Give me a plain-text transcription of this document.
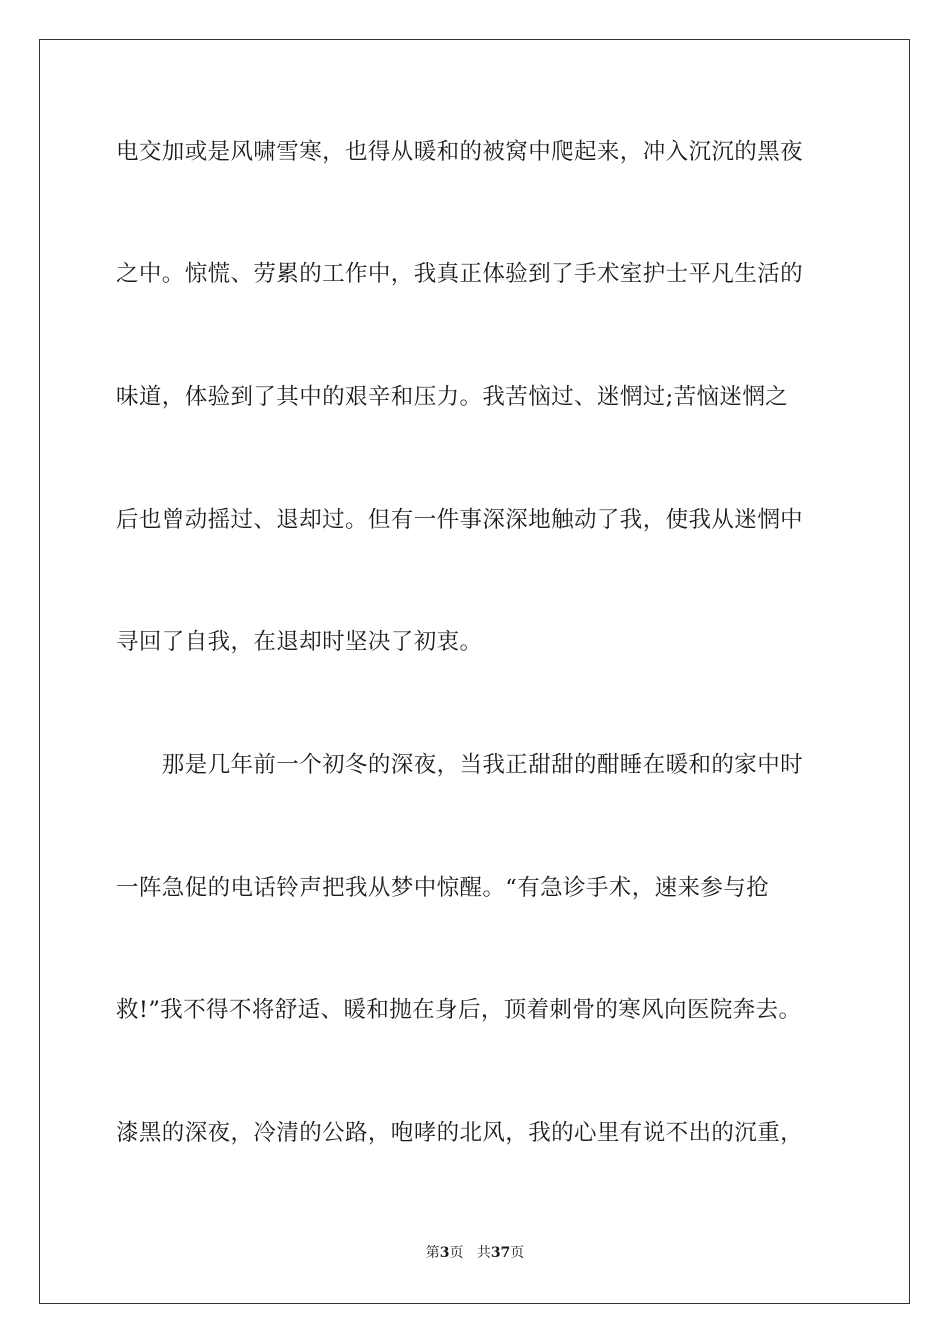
电交加或是风啸雪寒，也得从暖和的被窝中爬起来，冲入沉沉的黑夜
之中。惊慌、劳累的工作中，我真正体验到了手术室护士平凡生活的
味道，体验到了其中的艰辛和压力。我苦恼过、迷惘过;苦恼迷惘之
后也曾动摇过、退却过。但有一件事深深地触动了我，使我从迷惘中
寻回了自我，在退却时坚决了初衷。
　　那是几年前一个初冬的深夜，当我正甜甜的酣睡在暖和的家中时
一阵急促的电话铃声把我从梦中惊醒。“有急诊手术，速来参与抢
救!”我不得不将舒适、暖和抛在身后，顶着刺骨的寒风向医院奔去。
漆黑的深夜，冷清的公路，咆哮的北风，我的心里有说不出的沉重，
第3页 共37页
